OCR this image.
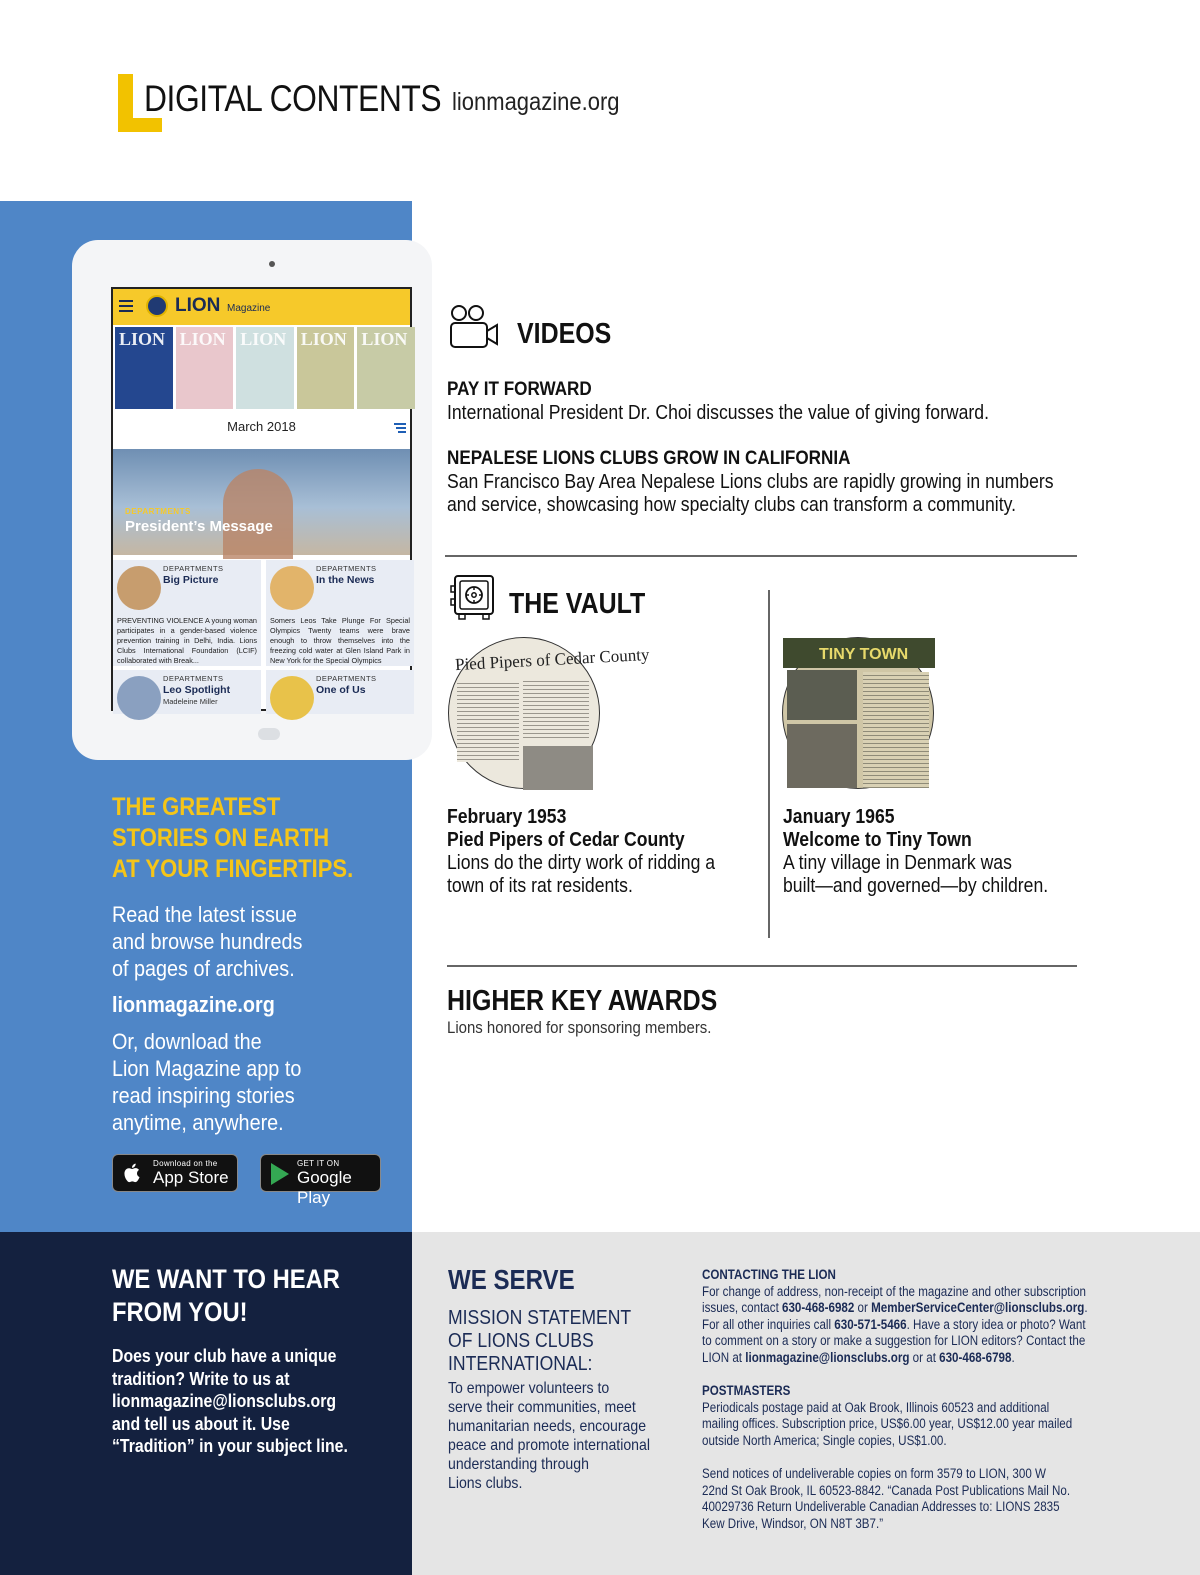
DIGITAL CONTENTS lionmagazine.org
LION Magazine
LION LION LION LION LION
March 2018
DEPARTMENTS
President’s Message
DEPARTMENTS
Big Picture
PREVENTING VIOLENCE A young woman participates in a gender-based violence prevention training in Delhi, India. Lions Clubs International Foundation (LCIF) collaborated with Break...
DEPARTMENTS
In the News
Somers Leos Take Plunge For Special Olympics Twenty teams were brave enough to throw themselves into the freezing cold water at Glen Island Park in New York for the Special Olympics
DEPARTMENTS
Leo Spotlight
Madeleine Miller
DEPARTMENTS
One of Us
THE GREATEST
STORIES ON EARTH
AT YOUR FINGERTIPS.
Read the latest issue
and browse hundreds
of pages of archives.
lionmagazine.org
Or, download the
Lion Magazine app to
read inspiring stories
anytime, anywhere.
Download on the
App Store
GET IT ON
Google Play
VIDEOS
PAY IT FORWARD
International President Dr. Choi discusses the value of giving forward.
NEPALESE LIONS CLUBS GROW IN CALIFORNIA
San Francisco Bay Area Nepalese Lions clubs are rapidly growing in numbers
and service, showcasing how specialty clubs can transform a community.
THE VAULT
Pied Pipers of Cedar County	TINY TOWN
February 1953
Pied Pipers of Cedar County
Lions do the dirty work of ridding a
town of its rat residents.
January 1965
Welcome to Tiny Town
A tiny village in Denmark was
built—and governed—by children.
HIGHER KEY AWARDS
Lions honored for sponsoring members.
WE WANT TO HEAR
FROM YOU!
Does your club have a unique
tradition? Write to us at
lionmagazine@lionsclubs.org
and tell us about it. Use
“Tradition” in your subject line.
WE SERVE
MISSION STATEMENT
OF LIONS CLUBS
INTERNATIONAL:
To empower volunteers to
serve their communities, meet
humanitarian needs, encourage
peace and promote international
understanding through
Lions clubs.
CONTACTING THE LION
For change of address, non-receipt of the magazine and other subscription
issues, contact 630-468-6982 or MemberServiceCenter@lionsclubs.org.
For all other inquiries call 630-571-5466. Have a story idea or photo? Want
to comment on a story or make a suggestion for LION editors? Contact the
LION at lionmagazine@lionsclubs.org or at 630-468-6798.
POSTMASTERS
Periodicals postage paid at Oak Brook, Illinois 60523 and additional
mailing offices. Subscription price, US$6.00 year, US$12.00 year mailed
outside North America; Single copies, US$1.00.
Send notices of undeliverable copies on form 3579 to LION, 300 W
22nd St Oak Brook, IL 60523-8842. “Canada Post Publications Mail No.
40029736 Return Undeliverable Canadian Addresses to: LIONS 2835
Kew Drive, Windsor, ON N8T 3B7.”
